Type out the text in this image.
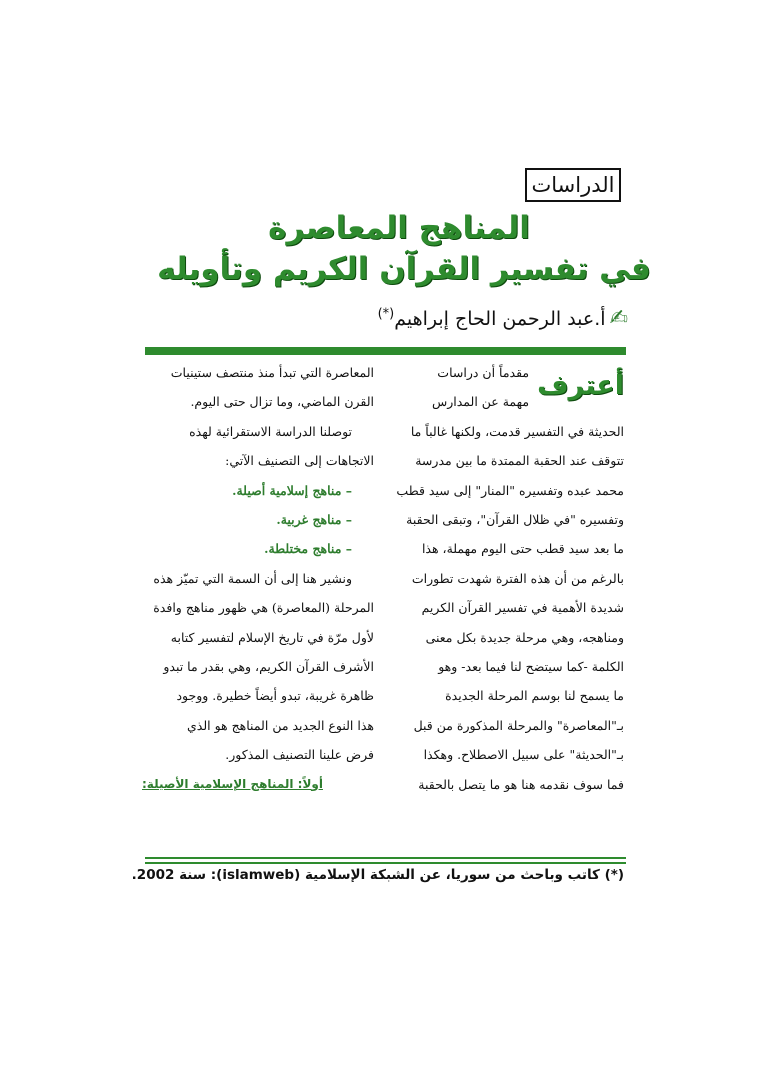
الدراسات
المناهج المعاصرة
في تفسير القرآن الكريم وتأويله
✍أ.عبد الرحمن الحاج إبراهيم(*)
أعترف

مقدماً أن دراسات

مهمة عن المدارس

الحديثة في التفسير قدمت، ولكنها غالباً ما

تتوقف عند الحقبة الممتدة ما بين مدرسة

محمد عبده وتفسيره "المنار" إلى سيد قطب

وتفسيره "في ظلال القرآن"، وتبقى الحقبة

ما بعد سيد قطب حتى اليوم مهملة، هذا

بالرغم من أن هذه الفترة شهدت تطورات

شديدة الأهمية في تفسير القرآن الكريم

ومناهجه، وهي مرحلة جديدة بكل معنى

الكلمة -كما سيتضح لنا فيما بعد- وهو

ما يسمح لنا بوسم المرحلة الجديدة

بـ"المعاصرة" والمرحلة المذكورة من قبل

بـ"الحديثة" على سبيل الاصطلاح. وهكذا

فما سوف نقدمه هنا هو ما يتصل بالحقبة

المعاصرة التي تبدأ منذ منتصف ستينيات

القرن الماضي، وما تزال حتى اليوم.

توصلنا الدراسة الاستقرائية لهذه

الاتجاهات إلى التصنيف الآتي:

– مناهج إسلامية أصيلة.

– مناهج غربية.

– مناهج مختلطة.

ونشير هنا إلى أن السمة التي تميّز هذه

المرحلة (المعاصرة) هي ظهور مناهج وافدة

لأول مرّة في تاريخ الإسلام لتفسير كتابه

الأشرف القرآن الكريم، وهي بقدر ما تبدو

ظاهرة غريبة، تبدو أيضاً خطيرة. ووجود

هذا النوع الجديد من المناهج هو الذي

فرض علينا التصنيف المذكور.

أولاً: المناهج الإسلامية الأصيلة:

(*) كاتب وباحث من سوريا، عن الشبكة الإسلامية (islamweb): سنة 2002.
